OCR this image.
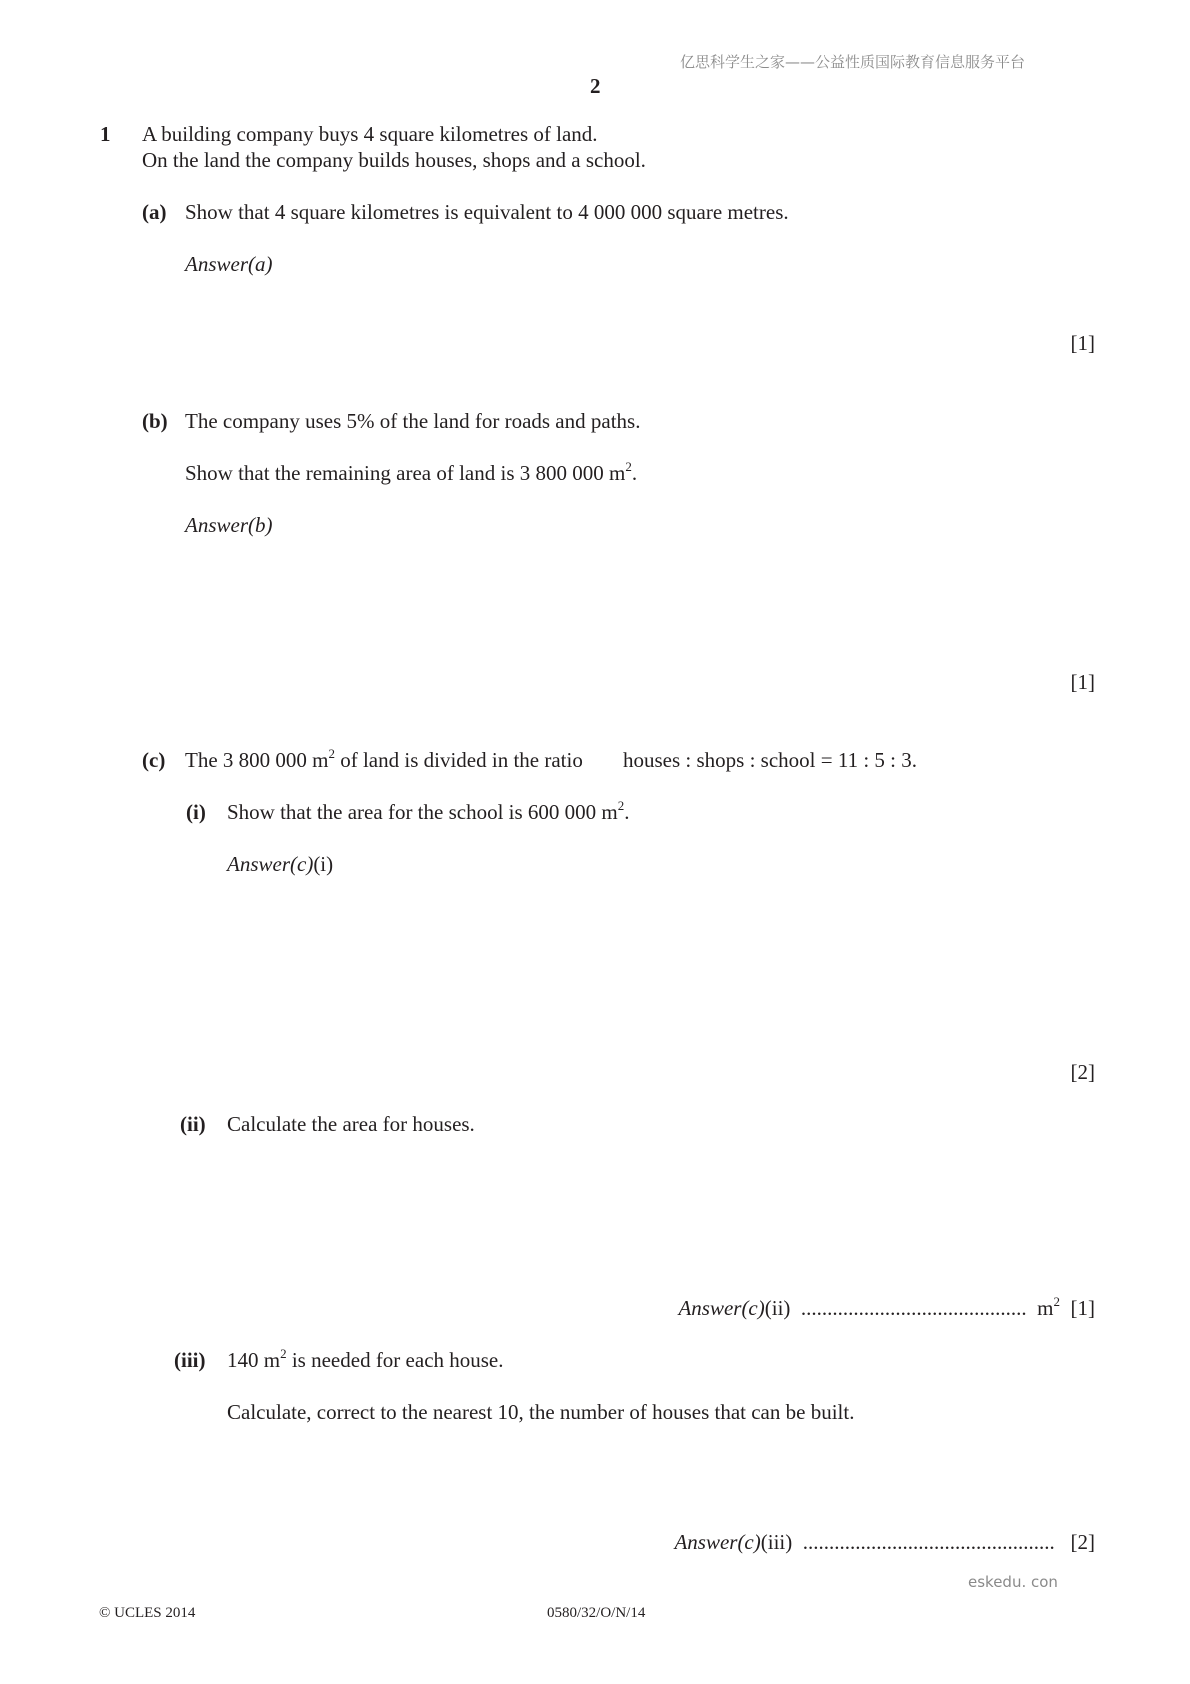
亿思科学生之家——公益性质国际教育信息服务平台
2
1 A building company buys 4 square kilometres of land.
On the land the company builds houses, shops and a school.
(a) Show that 4 square kilometres is equivalent to 4 000 000 square metres.
Answer(a)
[1]
(b) The company uses 5% of the land for roads and paths.
Show that the remaining area of land is 3 800 000 $m^2$.
Answer(b)
[1]
(c) The 3 800 000 $m^2$ of land is divided in the ratio houses : shops : school = 11 : 5 : 3.
(i) Show that the area for the school is 600 000 $m^2$.
Answer(c)(i)
[2]
(ii) Calculate the area for houses.
Answer(c)(ii) ........................................... $m^2$ [1]
(iii) 140 $m^2$ is needed for each house.
Calculate, correct to the nearest 10, the number of houses that can be built.
Answer(c)(iii) ................................................ [2]
eskedu. con
© UCLES 2014	0580/32/O/N/14
